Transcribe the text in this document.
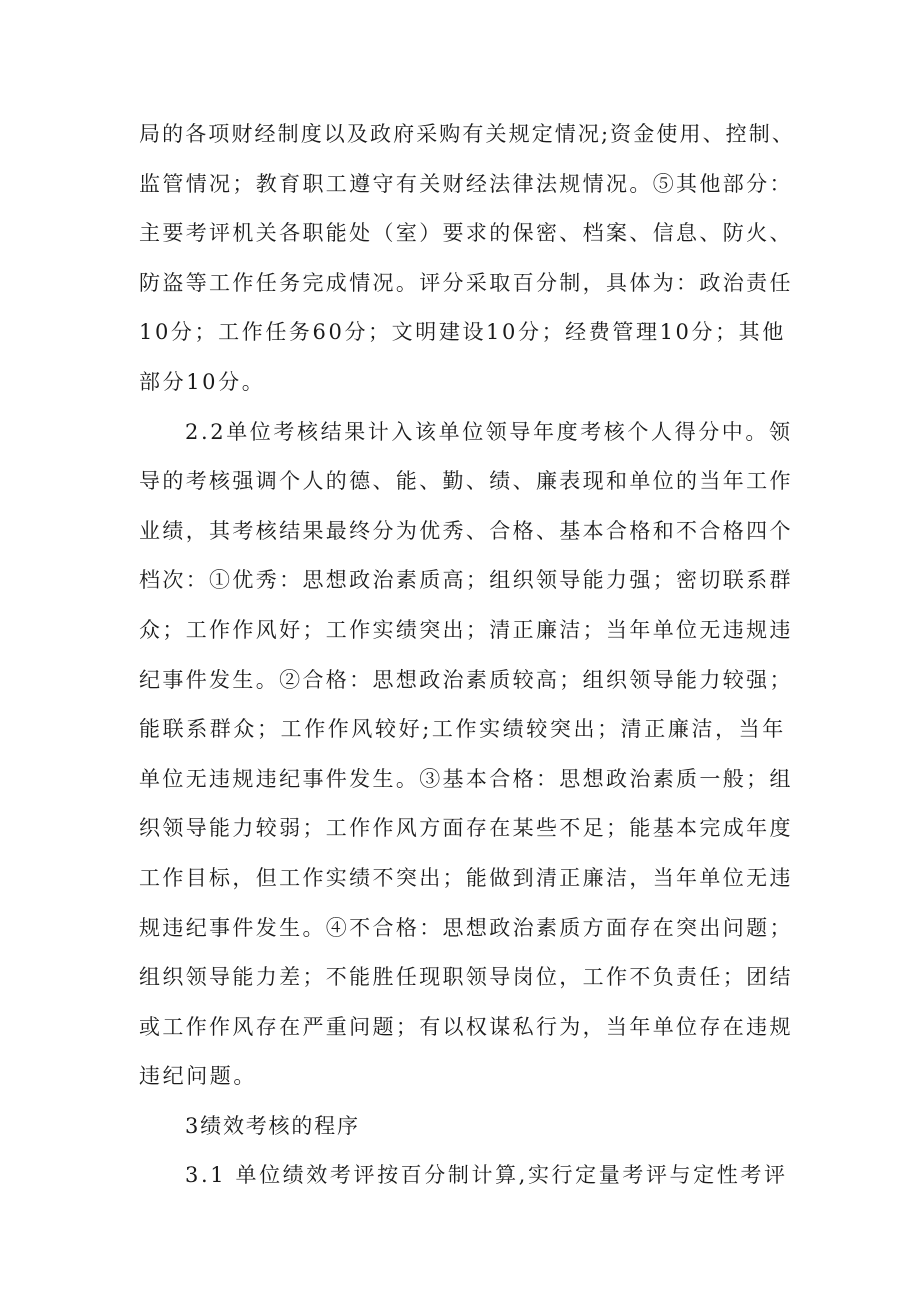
局的各项财经制度以及政府采购有关规定情况;资金使用、控制、
监管情况；教育职工遵守有关财经法律法规情况。⑤其他部分：
主要考评机关各职能处（室）要求的保密、档案、信息、防火、
防盗等工作任务完成情况。评分采取百分制，具体为：政治责任
10分；工作任务60分；文明建设10分；经费管理10分；其他
部分10分。
2.2单位考核结果计入该单位领导年度考核个人得分中。领
导的考核强调个人的德、能、勤、绩、廉表现和单位的当年工作
业绩，其考核结果最终分为优秀、合格、基本合格和不合格四个
档次：①优秀：思想政治素质高；组织领导能力强；密切联系群
众；工作作风好；工作实绩突出；清正廉洁；当年单位无违规违
纪事件发生。②合格：思想政治素质较高；组织领导能力较强；
能联系群众；工作作风较好;工作实绩较突出；清正廉洁，当年
单位无违规违纪事件发生。③基本合格：思想政治素质一般；组
织领导能力较弱；工作作风方面存在某些不足；能基本完成年度
工作目标，但工作实绩不突出；能做到清正廉洁，当年单位无违
规违纪事件发生。④不合格：思想政治素质方面存在突出问题；
组织领导能力差；不能胜任现职领导岗位，工作不负责任；团结
或工作作风存在严重问题；有以权谋私行为，当年单位存在违规
违纪问题。
3绩效考核的程序
3.1 单位绩效考评按百分制计算,实行定量考评与定性考评
